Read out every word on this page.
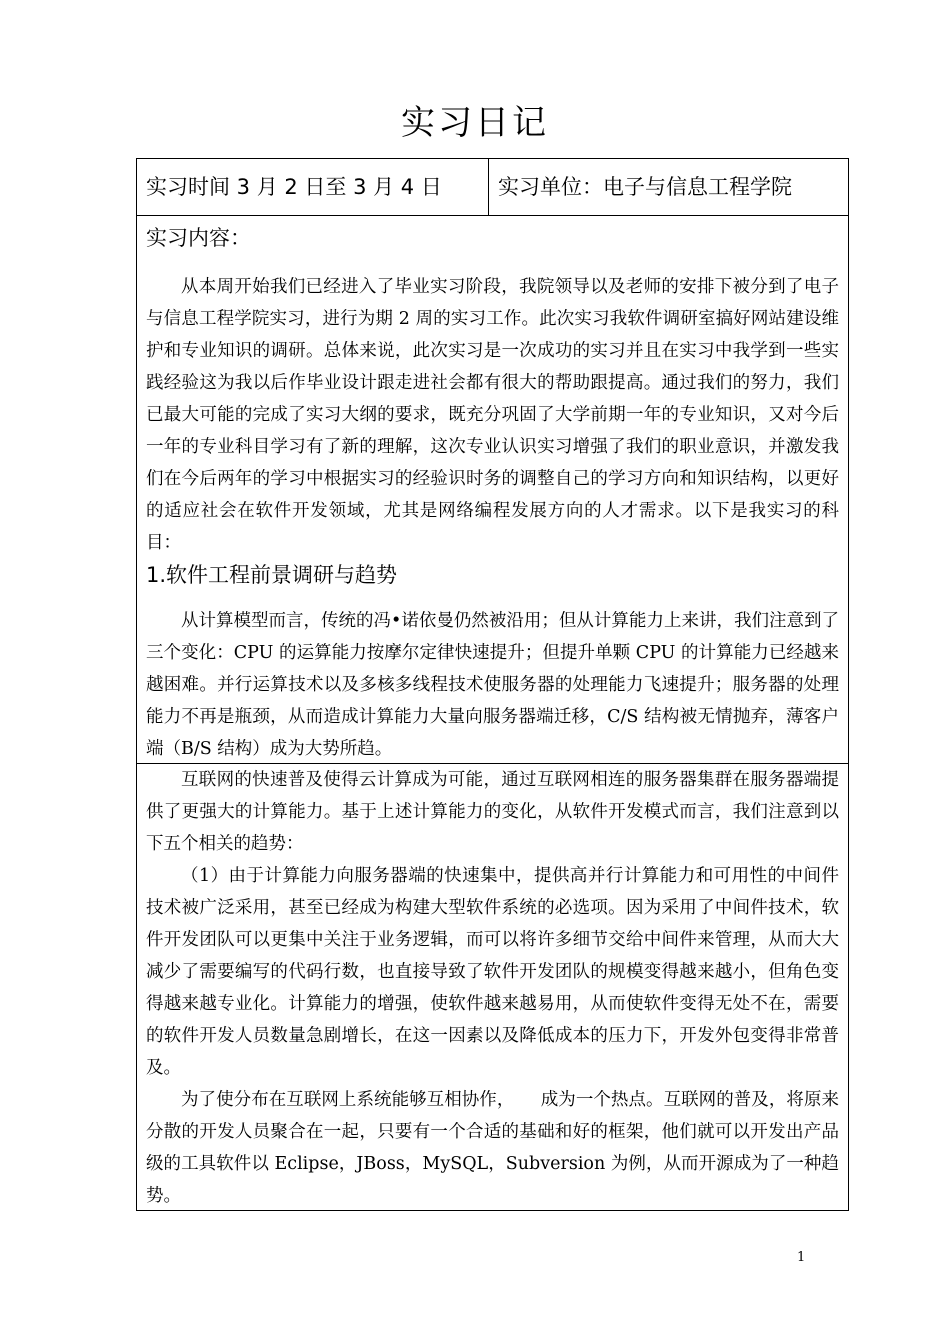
实习日记
实习时间 3 月 2 日至 3 月 4 日	实习单位：电子与信息工程学院
实习内容：

从本周开始我们已经进入了毕业实习阶段，我院领导以及老师的安排下被分到了电子与信息工程学院实习，进行为期 2 周的实习工作。此次实习我软件调研室搞好网站建设维护和专业知识的调研。总体来说，此次实习是一次成功的实习并且在实习中我学到一些实践经验这为我以后作毕业设计跟走进社会都有很大的帮助跟提高。通过我们的努力，我们已最大可能的完成了实习大纲的要求，既充分巩固了大学前期一年的专业知识，又对今后一年的专业科目学习有了新的理解，这次专业认识实习增强了我们的职业意识，并激发我们在今后两年的学习中根据实习的经验识时务的调整自己的学习方向和知识结构，以更好的适应社会在软件开发领域，尤其是网络编程发展方向的人才需求。以下是我实习的科目：

1.软件工程前景调研与趋势

从计算模型而言，传统的冯•诺依曼仍然被沿用；但从计算能力上来讲，我们注意到了三个变化：CPU 的运算能力按摩尔定律快速提升；但提升单颗 CPU 的计算能力已经越来越困难。并行运算技术以及多核多线程技术使服务器的处理能力飞速提升；服务器的处理能力不再是瓶颈，从而造成计算能力大量向服务器端迁移，C/S 结构被无情抛弃，薄客户端（B/S 结构）成为大势所趋。

互联网的快速普及使得云计算成为可能，通过互联网相连的服务器集群在服务器端提供了更强大的计算能力。基于上述计算能力的变化，从软件开发模式而言，我们注意到以下五个相关的趋势：

（1）由于计算能力向服务器端的快速集中，提供高并行计算能力和可用性的中间件技术被广泛采用，甚至已经成为构建大型软件系统的必选项。因为采用了中间件技术，软件开发团队可以更集中关注于业务逻辑，而可以将许多细节交给中间件来管理，从而大大减少了需要编写的代码行数，也直接导致了软件开发团队的规模变得越来越小，但角色变得越来越专业化。计算能力的增强，使软件越来越易用，从而使软件变得无处不在，需要的软件开发人员数量急剧增长，在这一因素以及降低成本的压力下，开发外包变得非常普及。

为了使分布在互联网上系统能够互相协作，　　成为一个热点。互联网的普及，将原来分散的开发人员聚合在一起，只要有一个合适的基础和好的框架，他们就可以开发出产品级的工具软件以 Eclipse，JBoss，MySQL，Subversion 为例，从而开源成为了一种趋势。

1
